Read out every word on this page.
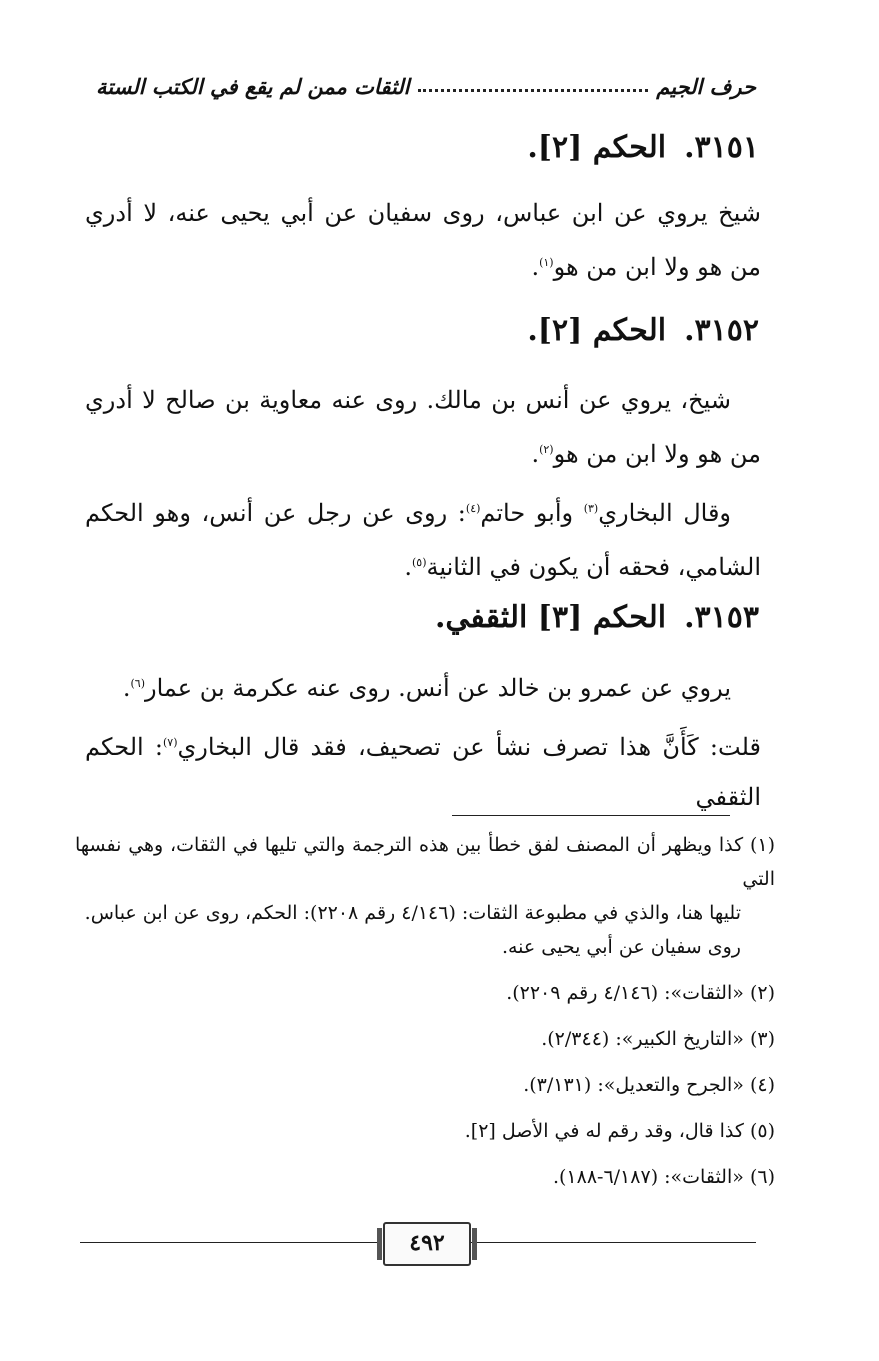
حرف الجيم
الثقات ممن لم يقع في الكتب الستة
٣١٥١.الحكم [٢].
شيخ يروي عن ابن عباس، روى سفيان عن أبي يحيى عنه، لا أدري من هو ولا ابن من هو$^{(١)}$.
٣١٥٢.الحكم [٢].
شيخ، يروي عن أنس بن مالك. روى عنه معاوية بن صالح لا أدري من هو ولا ابن من هو$^{(٢)}$.
وقال البخاري$^{(٣)}$ وأبو حاتم$^{(٤)}$: روى عن رجل عن أنس، وهو الحكم الشامي، فحقه أن يكون في الثانية$^{(٥)}$.
٣١٥٣.الحكم [٣] الثقفي.
يروي عن عمرو بن خالد عن أنس. روى عنه عكرمة بن عمار$^{(٦)}$.
قلت: كَأَنَّ هذا تصرف نشأ عن تصحيف، فقد قال البخاري$^{(٧)}$: الحكم الثقفي
(١) كذا ويظهر أن المصنف لفق خطأ بين هذه الترجمة والتي تليها في الثقات، وهي نفسها التي
تليها هنا، والذي في مطبوعة الثقات: (٤/١٤٦ رقم ٢٢٠٨): الحكم، روى عن ابن عباس.
روى سفيان عن أبي يحيى عنه.
(٢) «الثقات»: (٤/١٤٦ رقم ٢٢٠٩).
(٣) «التاريخ الكبير»: (٢/٣٤٤).
(٤) «الجرح والتعديل»: (٣/١٣١).
(٥) كذا قال، وقد رقم له في الأصل [٢].
(٦) «الثقات»: (٦/١٨٧-١٨٨).
٤٩٢
